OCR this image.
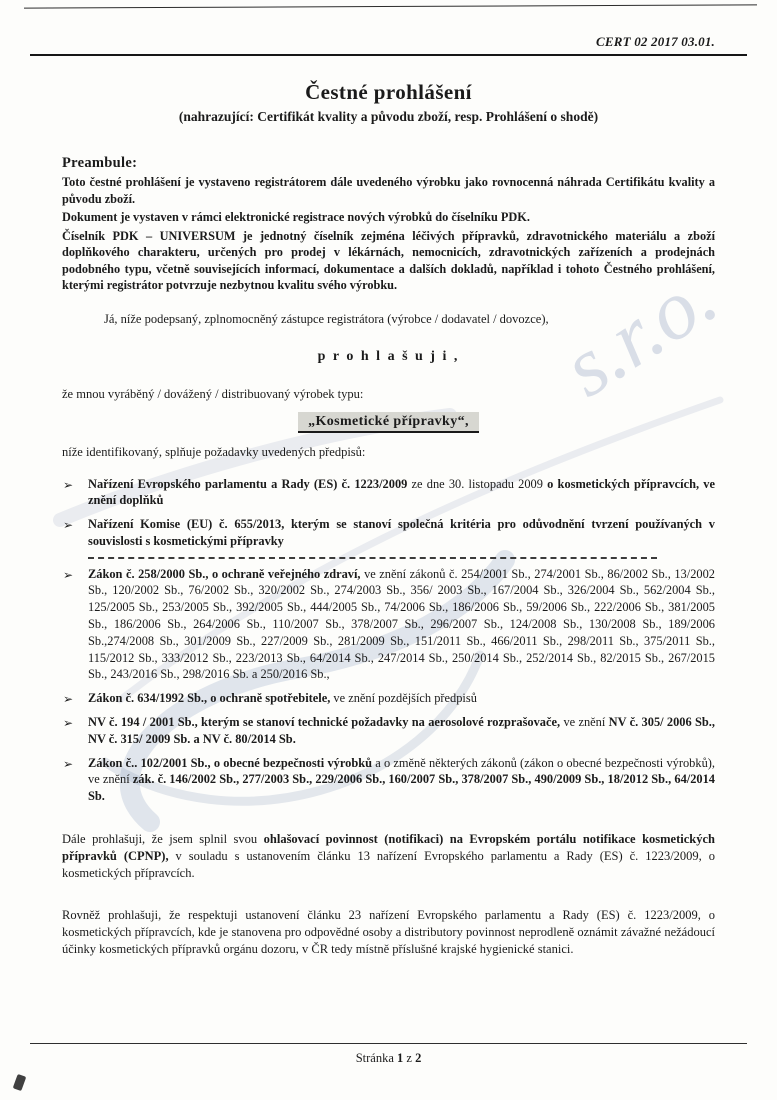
s.r.o.
CERT 02 2017 03.01.
Čestné prohlášení
(nahrazující: Certifikát kvality a původu zboží, resp. Prohlášení o shodě)
Preambule:

Toto čestné prohlášení je vystaveno registrátorem dále uvedeného výrobku jako rovnocenná náhrada Certifikátu kvality a původu zboží.

Dokument je vystaven v rámci elektronické registrace nových výrobků do číselníku PDK.

Číselník PDK – UNIVERSUM je jednotný číselník zejména léčivých přípravků, zdravotnického materiálu a zboží doplňkového charakteru, určených pro prodej v lékárnách, nemocnicích, zdravotnických zařízeních a prodejnách podobného typu, včetně souvisejících informací, dokumentace a dalších dokladů, například i tohoto Čestného prohlášení, kterými registrátor potvrzuje nezbytnou kvalitu svého výrobku.

Já, níže podepsaný, zplnomocněný zástupce registrátora (výrobce / dodavatel / dovozce),

p r o h l a š u j i ,

že mnou vyráběný / dovážený / distribuovaný výrobek typu:

„Kosmetické přípravky“,

níže identifikovaný, splňuje požadavky uvedených předpisů:

➢ Nařízení Evropského parlamentu a Rady (ES) č. 1223/2009 ze dne 30. listopadu 2009 o kosmetických přípravcích, ve znění doplňků
➢ Nařízení Komise (EU) č. 655/2013, kterým se stanoví společná kritéria pro odůvodnění tvrzení používaných v souvislosti s kosmetickými přípravky
➢ Zákon č. 258/2000 Sb., o ochraně veřejného zdraví, ve znění zákonů č. 254/2001 Sb., 274/2001 Sb., 86/2002 Sb., 13/2002 Sb., 120/2002 Sb., 76/2002 Sb., 320/2002 Sb., 274/2003 Sb., 356/ 2003 Sb., 167/2004 Sb., 326/2004 Sb., 562/2004 Sb., 125/2005 Sb., 253/2005 Sb., 392/2005 Sb., 444/2005 Sb., 74/2006 Sb., 186/2006 Sb., 59/2006 Sb., 222/2006 Sb., 381/2005 Sb., 186/2006 Sb., 264/2006 Sb., 110/2007 Sb., 378/2007 Sb., 296/2007 Sb., 124/2008 Sb., 130/2008 Sb., 189/2006 Sb.,274/2008 Sb., 301/2009 Sb., 227/2009 Sb., 281/2009 Sb., 151/2011 Sb., 466/2011 Sb., 298/2011 Sb., 375/2011 Sb., 115/2012 Sb., 333/2012 Sb., 223/2013 Sb., 64/2014 Sb., 247/2014 Sb., 250/2014 Sb., 252/2014 Sb., 82/2015 Sb., 267/2015 Sb., 243/2016 Sb., 298/2016 Sb. a 250/2016 Sb.,
➢ Zákon č. 634/1992 Sb., o ochraně spotřebitele, ve znění pozdějších předpisů
➢ NV č. 194 / 2001 Sb., kterým se stanoví technické požadavky na aerosolové rozprašovače, ve znění NV č. 305/ 2006 Sb., NV č. 315/ 2009 Sb. a NV č. 80/2014 Sb.
➢ Zákon č.. 102/2001 Sb., o obecné bezpečnosti výrobků a o změně některých zákonů (zákon o obecné bezpečnosti výrobků), ve znění zák. č. 146/2002 Sb., 277/2003 Sb., 229/2006 Sb., 160/2007 Sb., 378/2007 Sb., 490/2009 Sb., 18/2012 Sb., 64/2014 Sb.

Dále prohlašuji, že jsem splnil svou ohlašovací povinnost (notifikaci) na Evropském portálu notifikace kosmetických přípravků (CPNP), v souladu s ustanovením článku 13 nařízení Evropského parlamentu a Rady (ES) č. 1223/2009, o kosmetických přípravcích.

Rovněž prohlašuji, že respektuji ustanovení článku 23 nařízení Evropského parlamentu a Rady (ES) č. 1223/2009, o kosmetických přípravcích, kde je stanovena pro odpovědné osoby a distributory povinnost neprodleně oznámit závažné nežádoucí účinky kosmetických přípravků orgánu dozoru, v ČR tedy místně příslušné krajské hygienické stanici.

Stránka 1 z 2
